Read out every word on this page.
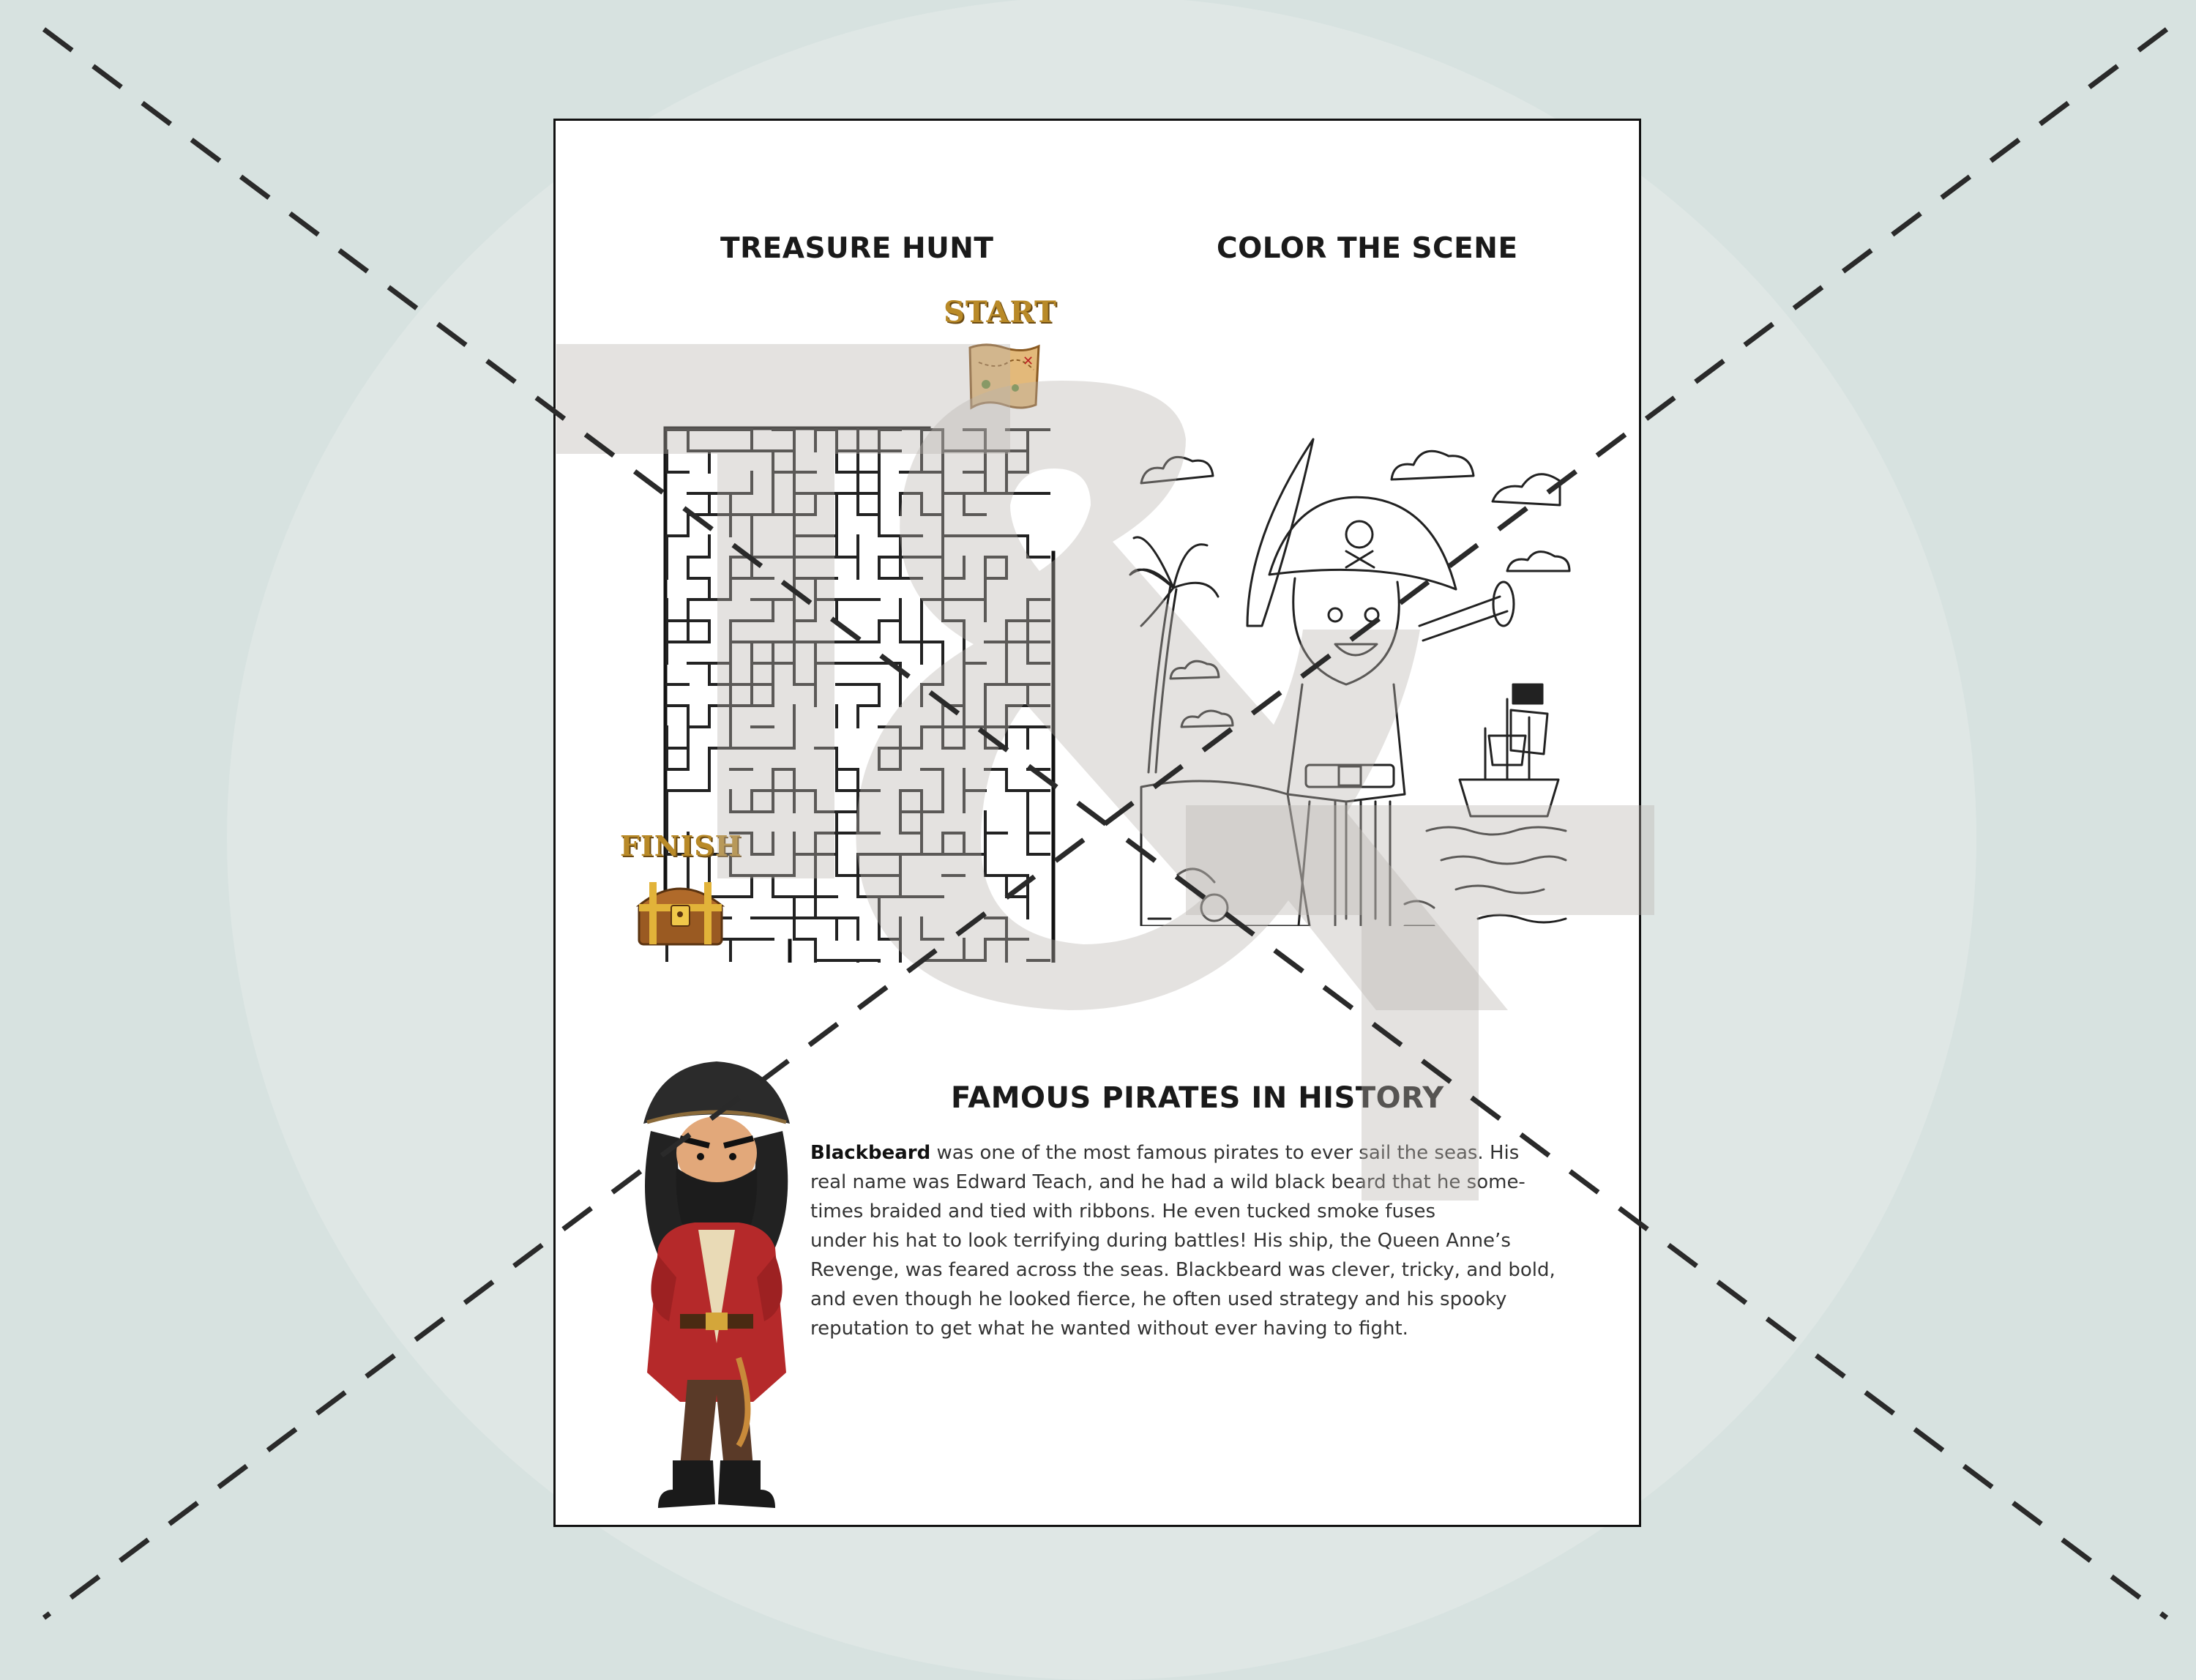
TREASURE HUNT	COLOR THE SCENE
START
✕
FINISH
FAMOUS PIRATES IN HISTORY
Blackbeard was one of the most famous pirates to ever sail the seas. His
real name was Edward Teach, and he had a wild black beard that he some-
times braided and tied with ribbons. He even tucked smoke fuses
under his hat to look terrifying during battles! His ship, the Queen Anne’s
Revenge, was feared across the seas. Blackbeard was clever, tricky, and bold,
and even though he looked fierce, he often used strategy and his spooky
reputation to get what he wanted without ever having to fight.
